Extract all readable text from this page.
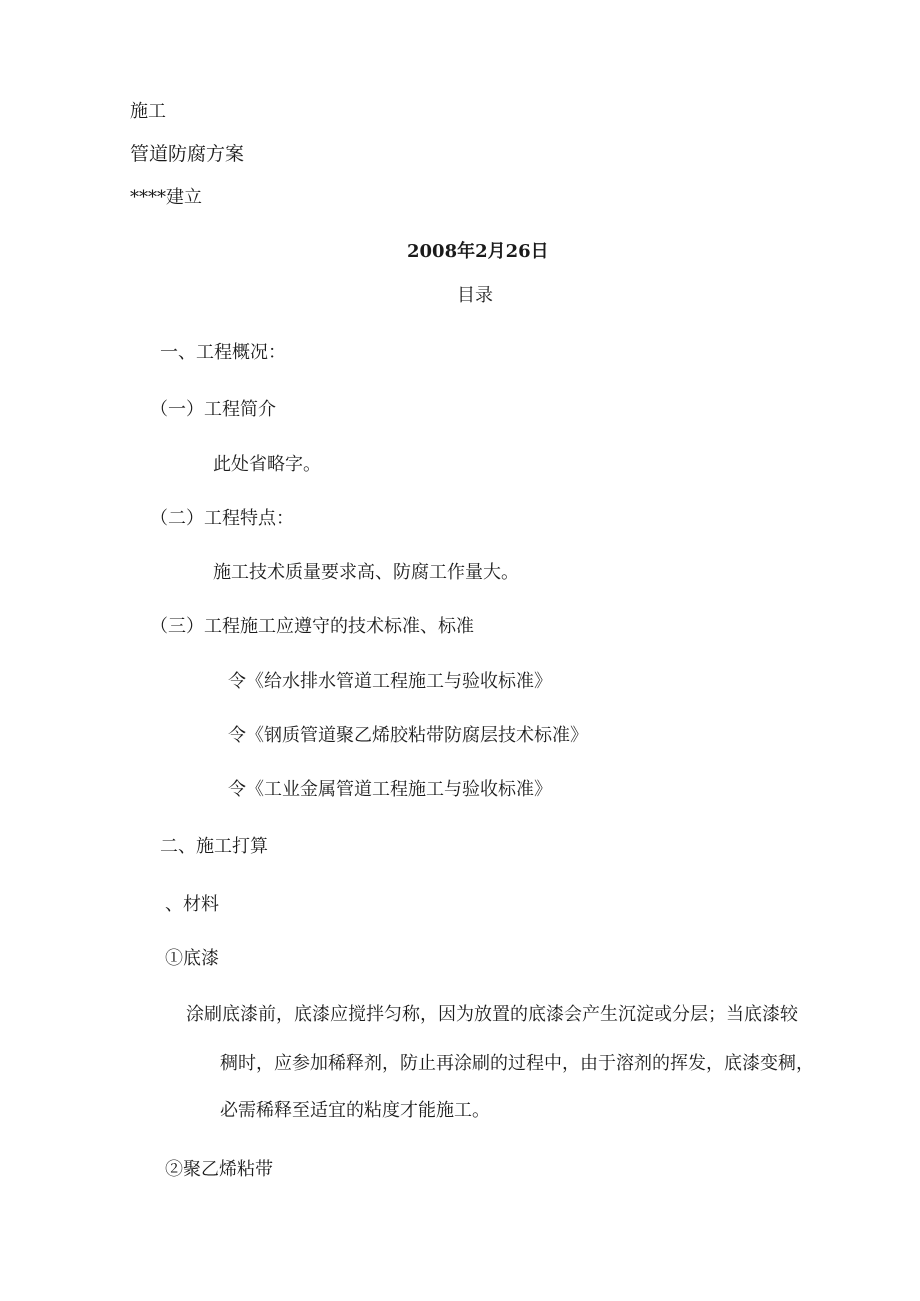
施工
管道防腐方案
****建立
2008年2月26日
目录
一、工程概况：
（一）工程简介
此处省略字。
（二）工程特点：
施工技术质量要求高、防腐工作量大。
（三）工程施工应遵守的技术标准、标准
令《给水排水管道工程施工与验收标准》
令《钢质管道聚乙烯胶粘带防腐层技术标准》
令《工业金属管道工程施工与验收标准》
二、施工打算
、材料
①底漆
涂刷底漆前，底漆应搅拌匀称，因为放置的底漆会产生沉淀或分层；当底漆较
稠时，应参加稀释剂，防止再涂刷的过程中，由于溶剂的挥发，底漆变稠，
必需稀释至适宜的粘度才能施工。
②聚乙烯粘带
